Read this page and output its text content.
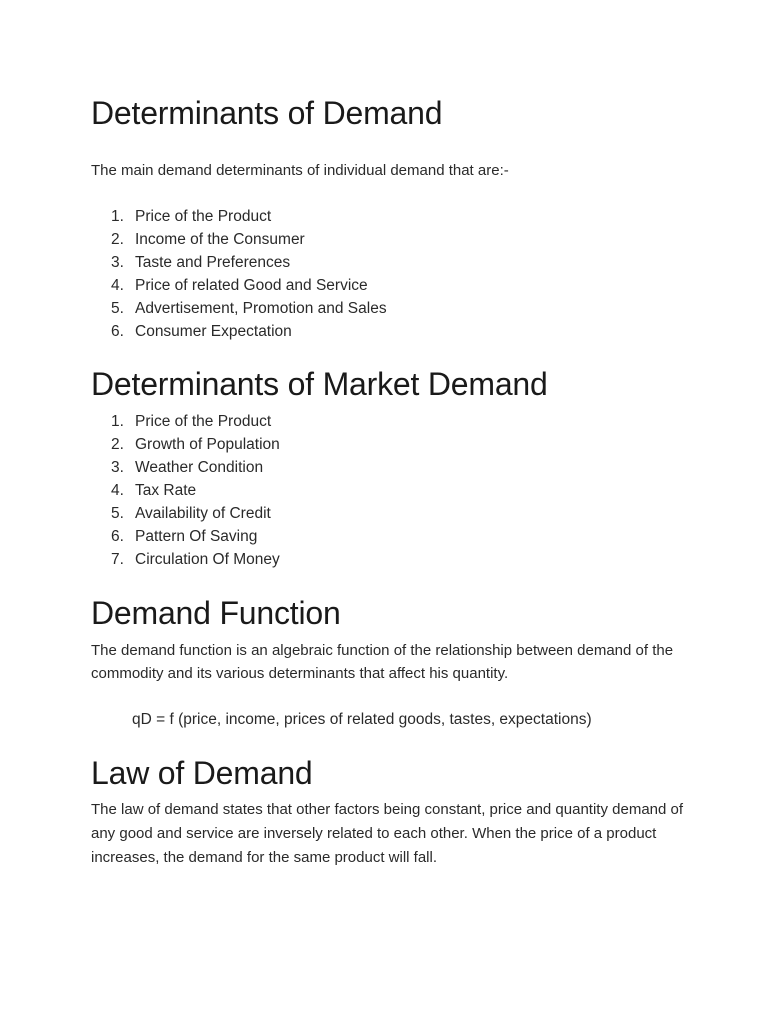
Determinants of Demand

The main demand determinants of individual demand that are:-

1. Price of the Product
2. Income of the Consumer
3. Taste and Preferences
4. Price of related Good and Service
5. Advertisement, Promotion and Sales
6. Consumer Expectation
Determinants of Market Demand
1. Price of the Product
2. Growth of Population
3. Weather Condition
4. Tax Rate
5. Availability of Credit
6. Pattern Of Saving
7. Circulation Of Money
Demand Function

The demand function is an algebraic function of the relationship between demand of the commodity and its various determinants that affect his quantity.

qD = f (price, income, prices of related goods, tastes, expectations)

Law of Demand

The law of demand states that other factors being constant, price and quantity demand of any good and service are inversely related to each other. When the price of a product increases, the demand for the same product will fall.
